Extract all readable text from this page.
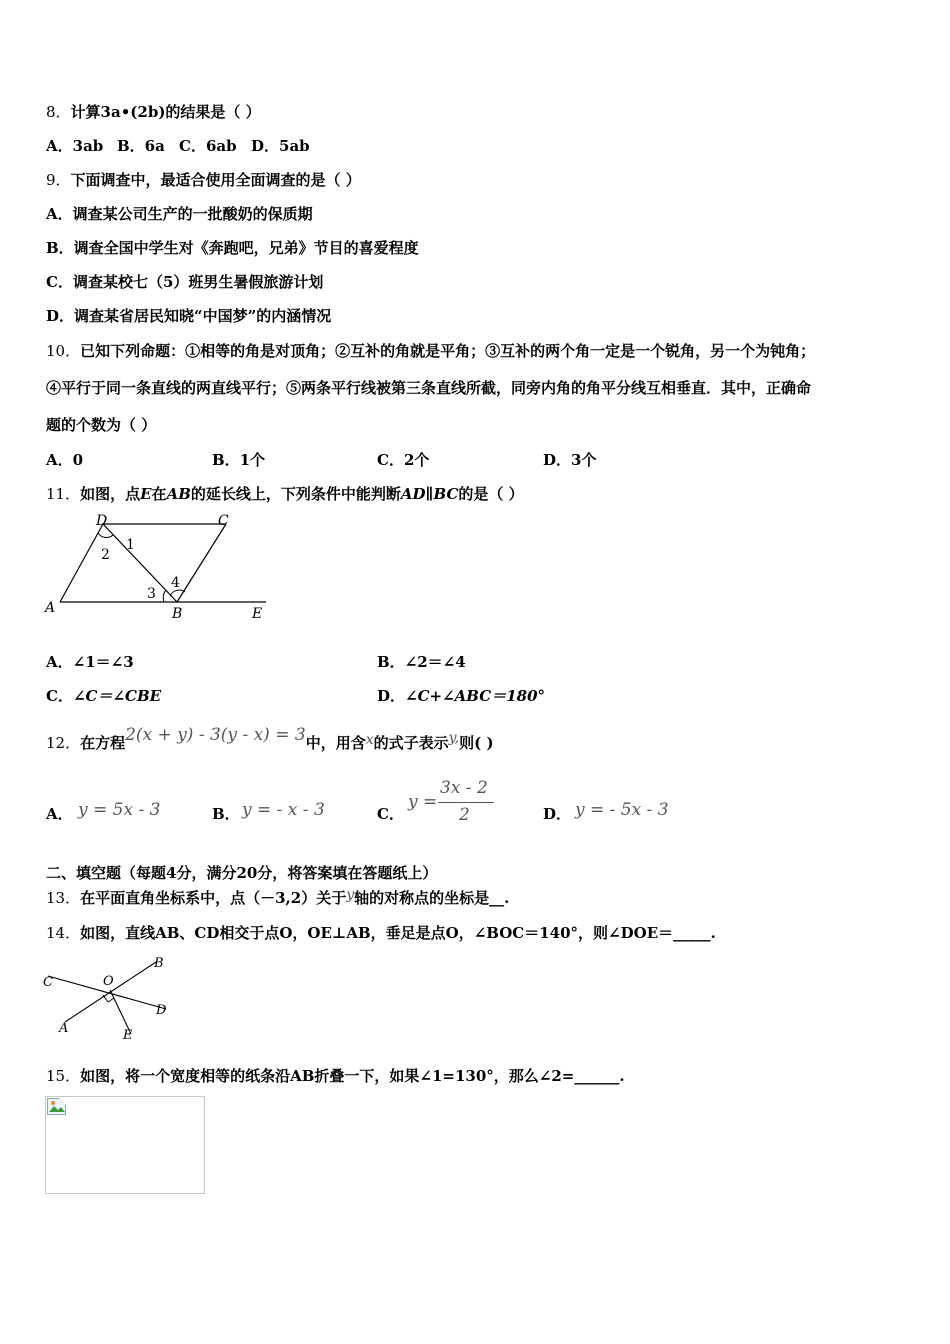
8．计算3a•(2b)的结果是（ ）
A．3ab B．6a C．6ab D．5ab
9．下面调查中，最适合使用全面调查的是（ ）
A．调查某公司生产的一批酸奶的保质期
B．调查全国中学生对《奔跑吧，兄弟》节目的喜爱程度
C．调查某校七（5）班男生暑假旅游计划
D．调查某省居民知晓“中国梦”的内涵情况
10．已知下列命题：①相等的角是对顶角；②互补的角就是平角；③互补的两个角一定是一个锐角，另一个为钝角；
④平行于同一条直线的两直线平行；⑤两条平行线被第三条直线所截，同旁内角的角平分线互相垂直．其中，正确命
题的个数为（ ）
A．0	B．1个	C．2个	D．3个
11．如图，点E在AB的延长线上，下列条件中能判断AD∥BC的是（ ）
D	C
A	B	E
1
2
3
4
A．∠1＝∠3	B．∠2＝∠4
C．∠C＝∠CBE	D．∠C+∠ABC＝180°
12．在方程2(x + y) - 3(y - x) = 3中，用含x的式子表示y,则( )
A． y = 5x - 3	B． y = - x - 3	C．
y =
3x - 2
2	D． y = - 5x - 3
二、填空题（每题4分，满分20分，将答案填在答题纸上）
13．在平面直角坐标系中，点（－3,2）关于y轴的对称点的坐标是__.
14．如图，直线AB、CD相交于点O，OE⊥AB，垂足是点O，∠BOC＝140°，则∠DOE＝_____.
C	O
B
D
A	E
15．如图，将一个宽度相等的纸条沿AB折叠一下，如果∠1=130°，那么∠2=______.
